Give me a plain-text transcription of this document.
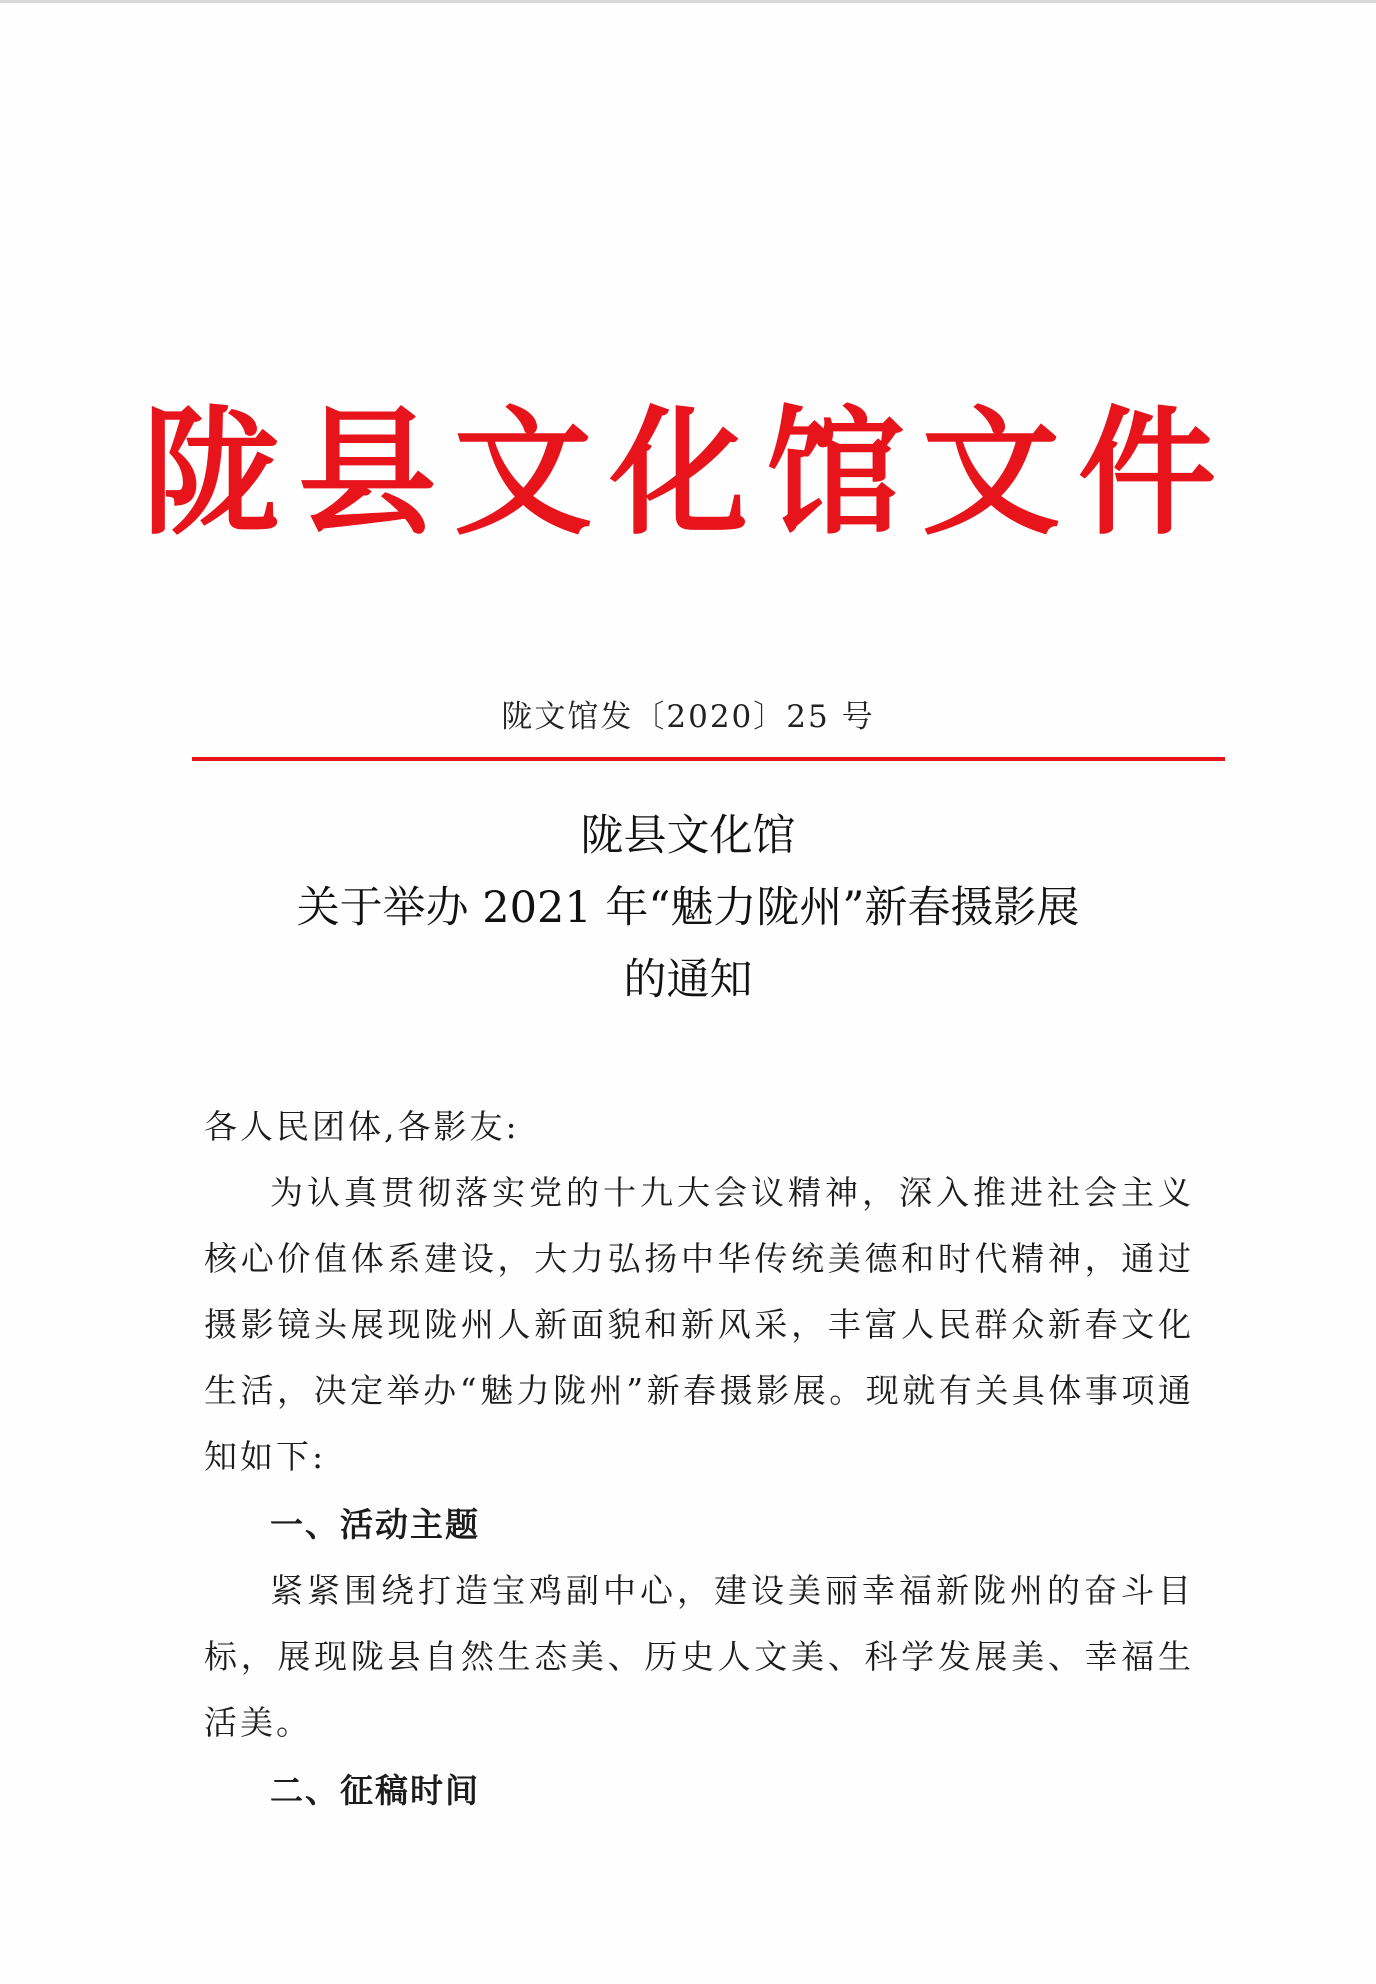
陇县文化馆文件
陇文馆发〔2020〕25 号
陇县文化馆
关于举办 2021 年“魅力陇州”新春摄影展
的通知
各人民团体,各影友:
为认真贯彻落实党的十九大会议精神，深入推进社会主义核心价值体系建设，大力弘扬中华传统美德和时代精神，通过摄影镜头展现陇州人新面貌和新风采，丰富人民群众新春文化生活，决定举办“魅力陇州”新春摄影展。现就有关具体事项通知如下:
一、活动主题
紧紧围绕打造宝鸡副中心，建设美丽幸福新陇州的奋斗目标，展现陇县自然生态美、历史人文美、科学发展美、幸福生活美。
二、征稿时间
